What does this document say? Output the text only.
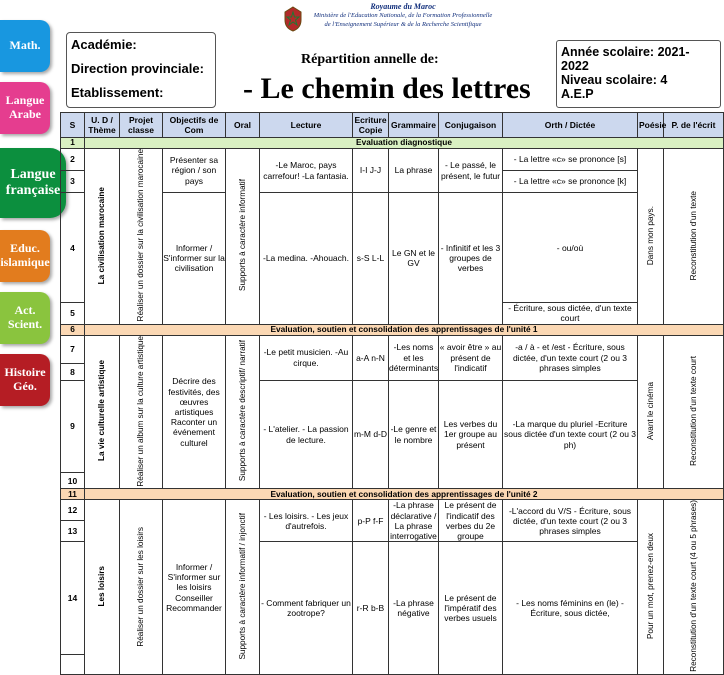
Math.
Langue Arabe
Langue française
Educ. islamique
Act. Scient.
Histoire Géo.
Royaume du Maroc
Ministère de l'Education Nationale, de la Formation Professionnelle
de l'Enseignement Supérieur & de la Recherche Scientifique
Académie:
Direction provinciale:
Etablissement:
Répartition annelle de:
- Le chemin des lettres
Année scolaire: 2021-2022
Niveau scolaire: 4
A.E.P
S	U. D / Thème	Projet classe	Objectifs de Com	Oral	Lecture	Ecriture Copie	Grammaire	Conjugaison	Orth / Dictée	Poésie	P. de l'écrit
1	Evaluation diagnostique										
2	La civilisation marocaine	Réaliser un dossier sur la civilisation marocaine	Présenter sa région / son pays	Supports à caractère informatif	-Le Maroc, pays carrefour! -La fantasia.	I-I J-J	La phrase	- Le passé, le présent, le futur	- La lettre «c» se prononce [s]	Dans mon pays.	Reconstitution d'un texte
3									- La lettre «c» se prononce [k]		
4			Informer / S'informer sur la civilisation		-La medina. -Ahouach.	s-S L-L	Le GN et le GV	- Infinitif et les 3 groupes de verbes	- ou/où		
5									- Écriture, sous dictée, d'un texte court		
6	Evaluation, soutien et consolidation des apprentissages de l'unité 1										
7	La vie culturelle artistique	Réaliser un album sur la culture artistique	Décrire des festivités, des œuvres artistiques Raconter un événement culturel	Supports à caractère descriptif/ narratif	-Le petit musicien. -Au cirque.	a-A n-N	-Les noms et les déterminants	« avoir être » au présent de l'indicatif	-a / à - et /est - Écriture, sous dictée, d'un texte court (2 ou 3 phrases simples	Avant le cinéma	Reconstitution d'un texte court
8											
9					- L'atelier. - La passion de lecture.	m-M d-D	-Le genre et le nombre	Les verbes du 1er groupe au présent	-La marque du pluriel -Ecriture sous dictée d'un texte court (2 ou 3 ph)		
10											
11	Evaluation, soutien et consolidation des apprentissages de l'unité 2										
12	Les loisirs	Réaliser un dossier sur les loisirs	Informer / S'informer sur les loisirs Conseiller Recommander	Supports à caractère informatif / injonctif	- Les loisirs. - Les jeux d'autrefois.	p-P f-F	-La phrase déclarative / La phrase interrogative	Le présent de l'indicatif des verbes du 2e groupe	-L'accord du V/S - Écriture, sous dictée, d'un texte court (2 ou 3 phrases simples	Pour un mot, prenez-en deux	Reconstitution d'un texte court (4 ou 5 phrases)
13											
14					- Comment fabriquer un zootrope?	r-R b-B	-La phrase négative	Le présent de l'impératif des verbes usuels	- Les noms féminins en (le) - Écriture, sous dictée,		
